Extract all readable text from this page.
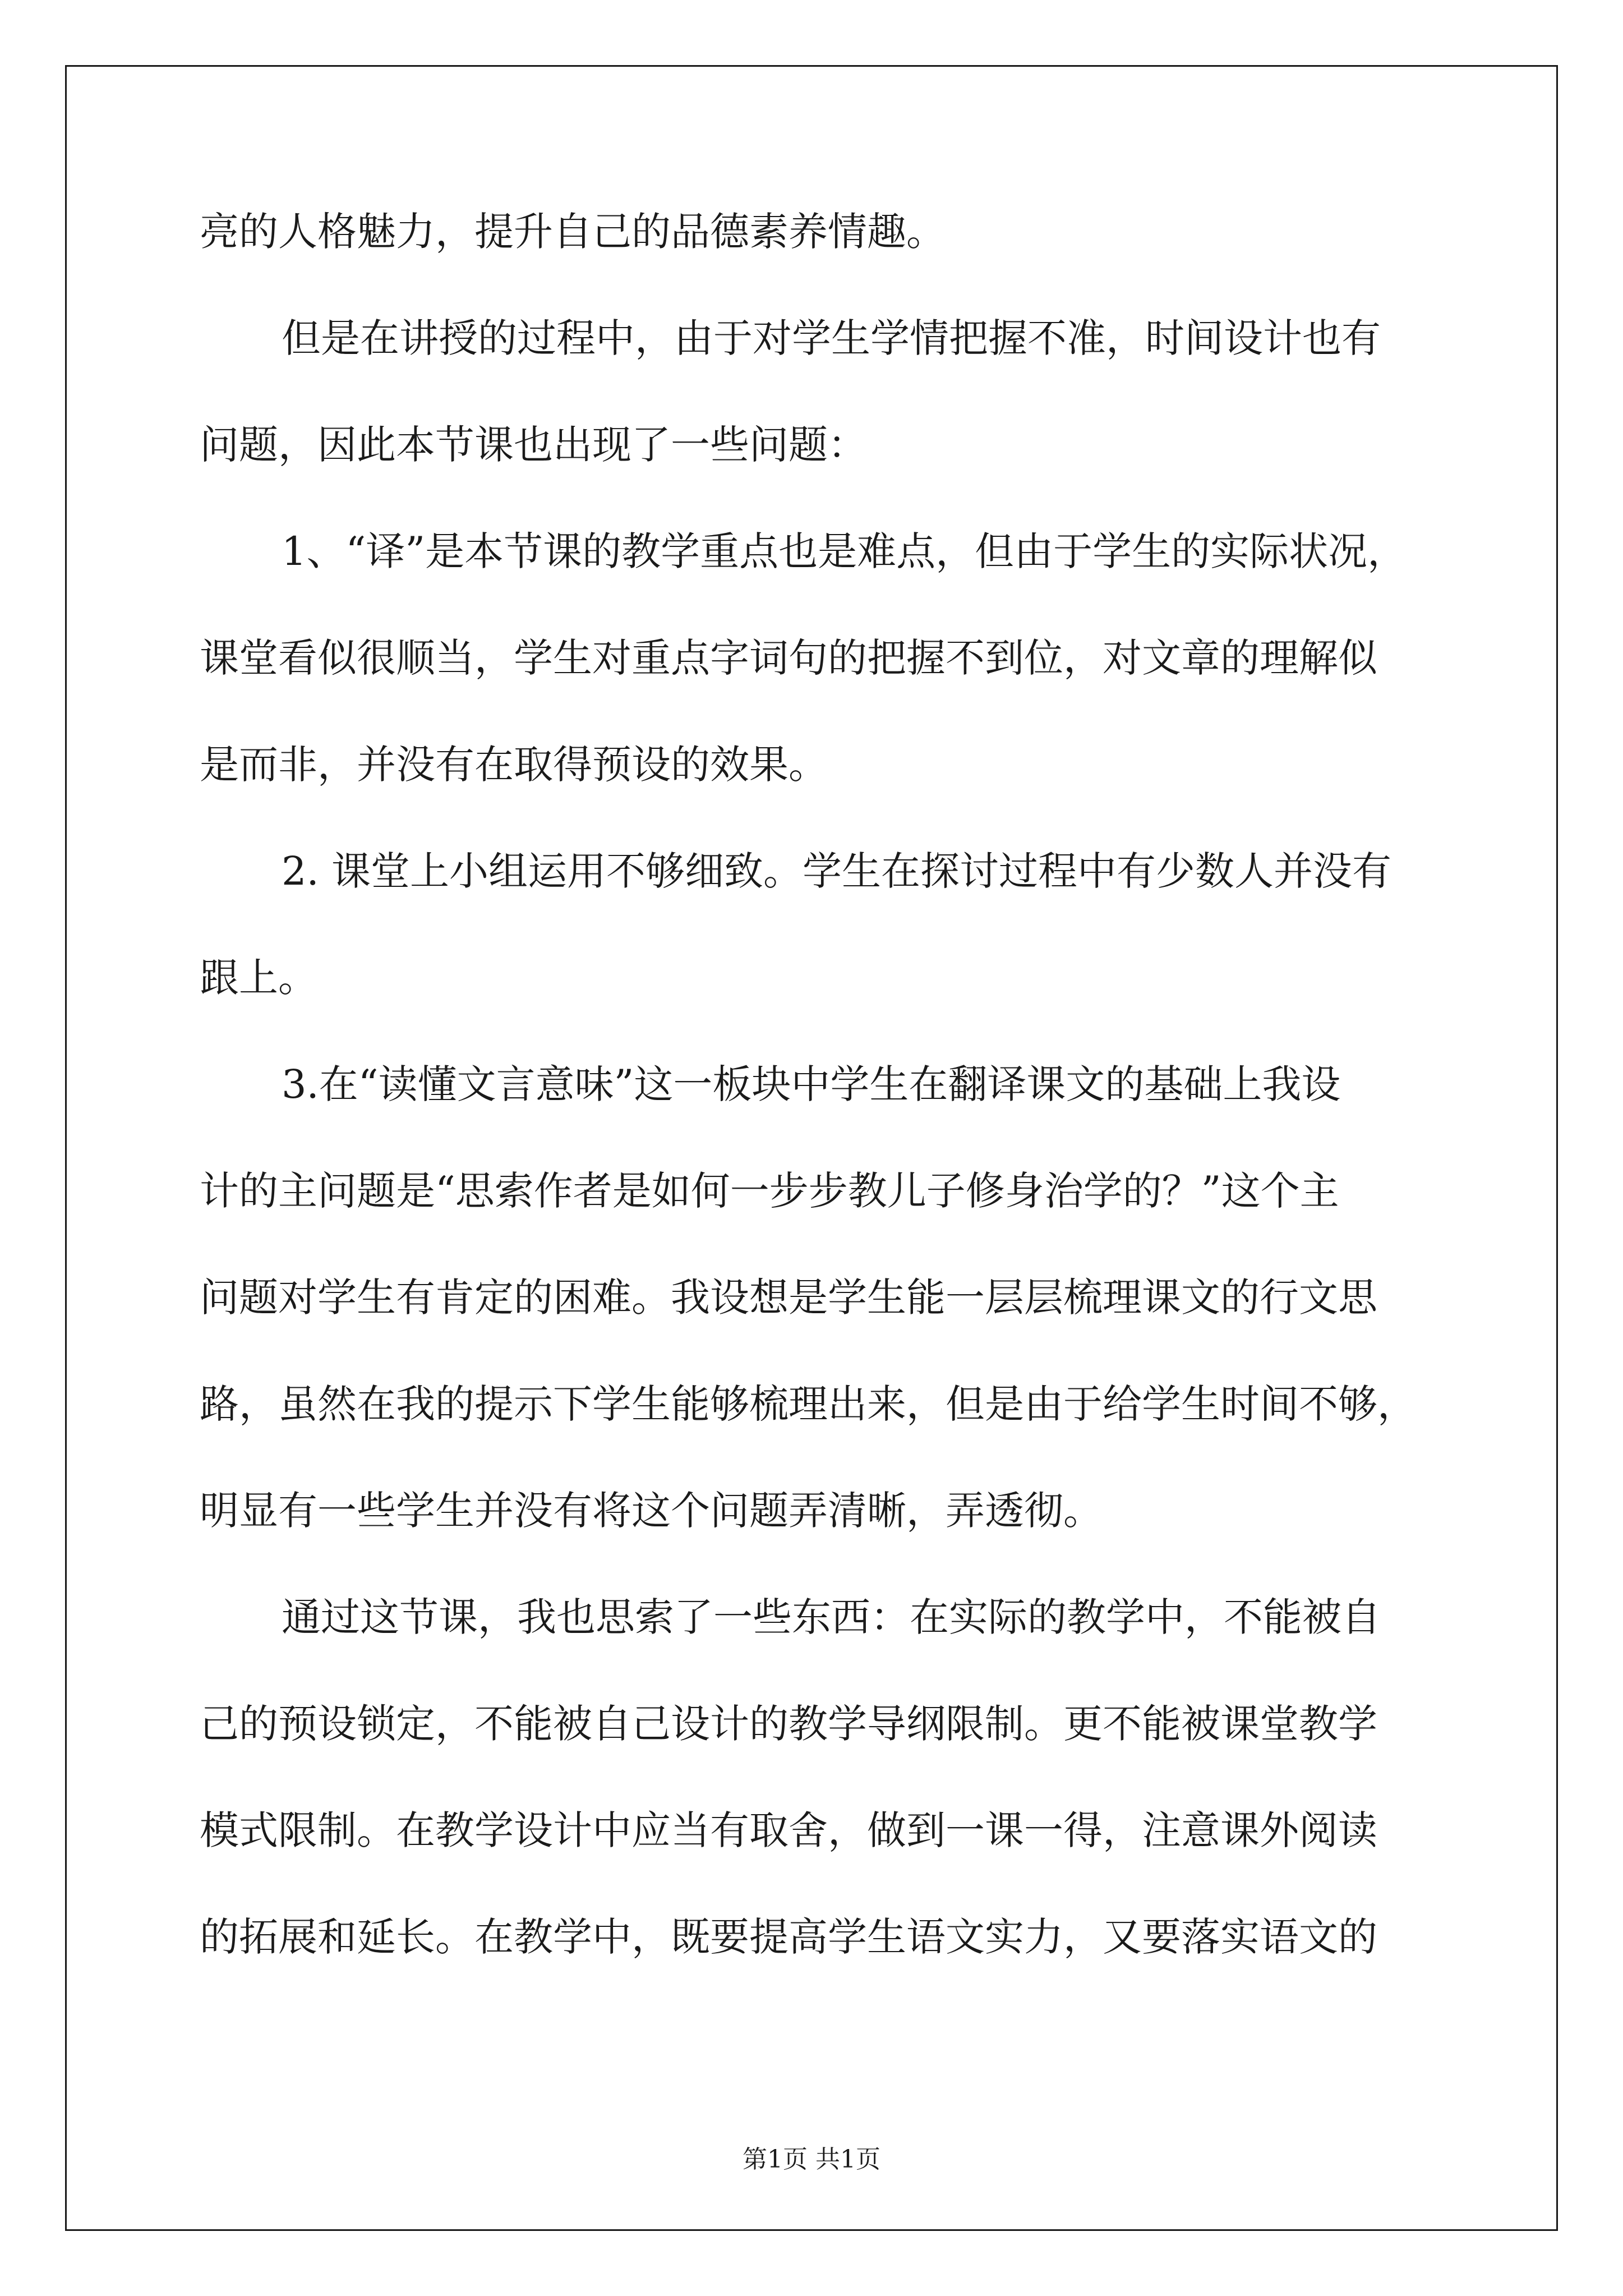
亮的人格魅力，提升自己的品德素养情趣。
但是在讲授的过程中，由于对学生学情把握不准，时间设计也有
问题，因此本节课也出现了一些问题：
1、“译”是本节课的教学重点也是难点，但由于学生的实际状况，
课堂看似很顺当，学生对重点字词句的把握不到位，对文章的理解似
是而非，并没有在取得预设的效果。
2. 课堂上小组运用不够细致。学生在探讨过程中有少数人并没有
跟上。
3.在“读懂文言意味”这一板块中学生在翻译课文的基础上我设
计的主问题是“思索作者是如何一步步教儿子修身治学的？”这个主
问题对学生有肯定的困难。我设想是学生能一层层梳理课文的行文思
路，虽然在我的提示下学生能够梳理出来，但是由于给学生时间不够，
明显有一些学生并没有将这个问题弄清晰，弄透彻。
通过这节课，我也思索了一些东西：在实际的教学中，不能被自
己的预设锁定，不能被自己设计的教学导纲限制。更不能被课堂教学
模式限制。在教学设计中应当有取舍，做到一课一得，注意课外阅读
的拓展和延长。在教学中，既要提高学生语文实力，又要落实语文的
第1页 共1页
